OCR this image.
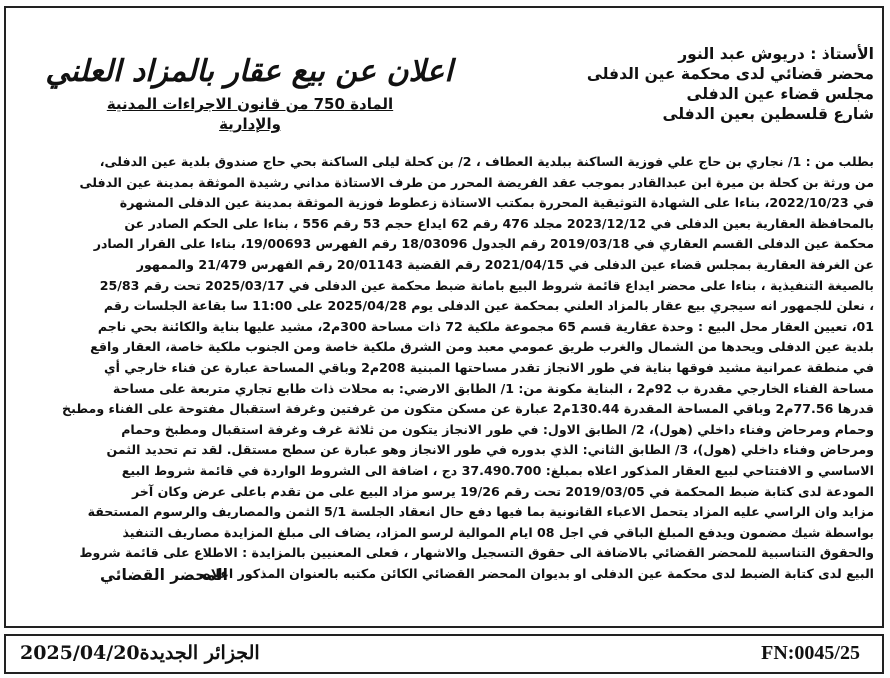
اعلان عن بيع عقار بالمزاد العلني
المادة 750 من قانون الاجراءات المدنية والإدارية
الأستاذ : دريوش عبد النور
محضر قضائي لدى محكمة عين الدفلى
مجلس قضاء عين الدفلى
شارع قلسطين بعين الدفلى
بطلب من : 1/ نجاري بن حاج علي فوزية الساكنة ببلدية العطاف ، 2/ بن كحلة ليلى الساكنة بحي حاج صندوق بلدية عين الدفلى،
من ورثة بن كحلة بن ميرة ابن عبدالقادر بموجب عقد الفريضة المحرر من طرف الاستاذة مداني رشيدة الموثقة بمدينة عين الدفلى
في 2022/10/23، بناءا على الشهادة التوثيقية المحررة بمكتب الاستاذة زعطوط فوزية الموثقة بمدينة عين الدفلى المشهرة
بالمحافظة العقارية بعين الدفلى في 2023/12/12 مجلد 476 رقم 62 ايداع حجم 53 رقم 556 ، بناءا على الحكم الصادر عن
محكمة عين الدفلى القسم العقاري في 2019/03/18 رقم الجدول 18/03096 رقم الفهرس 19/00693، بناءا على القرار الصادر
عن الغرفة العقارية بمجلس قضاء عين الدفلى في 2021/04/15 رقم القضية 20/01143 رقم الفهرس 21/479 والممهور
بالصيغة التنفيذية ، بناءا على محضر ايداع قائمة شروط البيع بامانة ضبط محكمة عين الدفلى في 2025/03/17 تحت رقم 25/83
، نعلن للجمهور انه سيجري بيع عقار بالمزاد العلني بمحكمة عين الدفلى يوم 2025/04/28 على 11:00 سا بقاعة الجلسات رقم
01، تعيين العقار محل البيع : وحدة عقارية قسم 65 مجموعة ملكية 72 ذات مساحة 300م2، مشيد عليها بناية والكائنة بحي ناجم
بلدية عين الدفلى ويحدها من الشمال والغرب طريق عمومي معبد ومن الشرق ملكية خاصة ومن الجنوب ملكية خاصة، العقار واقع
في منطقة عمرانية مشيد فوقها بناية في طور الانجاز تقدر مساحتها المبنية 208م2 وباقي المساحة عبارة عن فناء خارجي أي
مساحة الفناء الخارجي مقدرة ب 92م2 ، البناية مكونة من: 1/ الطابق الارضي: به محلات ذات طابع تجاري متربعة على مساحة
قدرها 77.56م2 وباقي المساحة المقدرة 130.44م2 عبارة عن مسكن متكون من غرفتين وغرفة استقبال مفتوحة على الفناء ومطبخ
وحمام ومرحاض وفناء داخلي (هول)، 2/ الطابق الاول: في طور الانجاز يتكون من ثلاثة غرف وغرفة استقبال ومطبخ وحمام
ومرحاض وفناء داخلي (هول)، 3/ الطابق الثاني: الذي بدوره في طور الانجاز وهو عبارة عن سطح مستقل. لقد تم تحديد الثمن
الاساسي و الافتتاحي لبيع العقار المذكور اعلاه بمبلغ: 37.490.700 دج ، اضافة الى الشروط الواردة في قائمة شروط البيع
المودعة لدى كتابة ضبط المحكمة في 2019/03/05 تحت رقم 19/26 يرسو مزاد البيع على من تقدم باعلى عرض وكان آخر
مزايد وان الراسي عليه المزاد يتحمل الاعباء القانونية بما فيها دفع حال انعقاد الجلسة 5/1 الثمن والمصاريف والرسوم المستحقة
بواسطة شيك مضمون ويدفع المبلغ الباقي في اجل 08 ايام الموالية لرسو المزاد، يضاف الى مبلغ المزايدة مصاريف التنفيذ
والحقوق التناسبية للمحضر القضائي بالاضافة الى حقوق التسجيل والاشهار ، فعلى المعنيين بالمزايدة : الاطلاع على قائمة شروط
البيع لدى كتابة الضبط لدى محكمة عين الدفلى او بديوان المحضر القضائي الكائن مكتبه بالعنوان المذكور اعلاه.
المحضر القضائي
الجزائر الجديدة2025/04/20	FN:0045/25
